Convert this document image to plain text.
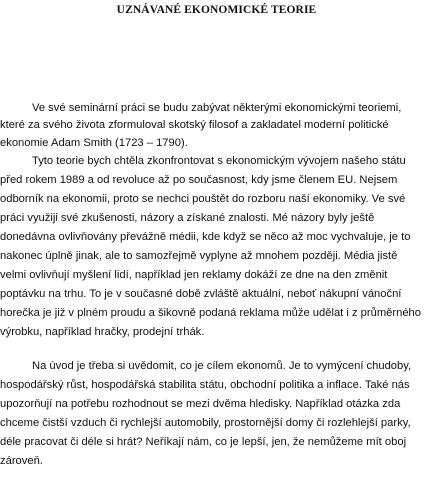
UZNÁVANÉ EKONOMICKÉ TEORIE
Ve své seminární práci se budu zabývat některými ekonomickými teoriemi,
které za svého života zformuloval skotský filosof a zakladatel moderní politické
ekonomie Adam Smith (1723 – 1790).
Tyto teorie bych chtěla zkonfrontovat s ekonomickým vývojem našeho státu
před rokem 1989 a od revoluce až po současnost, kdy jsme členem EU. Nejsem
odborník na ekonomii, proto se nechci pouštět do rozboru naší ekonomiky. Ve své
práci využiji své zkušenosti, názory a získané znalosti. Mé názory byly ještě
donedávna ovlivňovány převážně médii, kde když se něco až moc vychvaluje, je to
nakonec úplně jinak, ale to samozřejmě vyplyne až mnohem později. Média jistě
velmi ovlivňují myšlení lidí, například jen reklamy dokáží ze dne na den změnit
poptávku na trhu. To je v současné době zvláště aktuální, neboť nákupní vánoční
horečka je již v plném proudu a šikovně podaná reklama může udělat i z průměrného
výrobku, například hračky, prodejní trhák.
Na úvod je třeba si uvědomit, co je cílem ekonomů. Je to vymýcení chudoby,
hospodářský růst, hospodářská stabilita státu, obchodní politika a inflace. Také nás
upozorňují na potřebu rozhodnout se mezi dvěma hledisky. Například otázka zda
chceme čistší vzduch či rychlejší automobily, prostornější domy či rozlehlejší parky,
déle pracovat či déle si hrát? Neříkají nám, co je lepší, jen, že nemůžeme mít oboj
zároveň.
